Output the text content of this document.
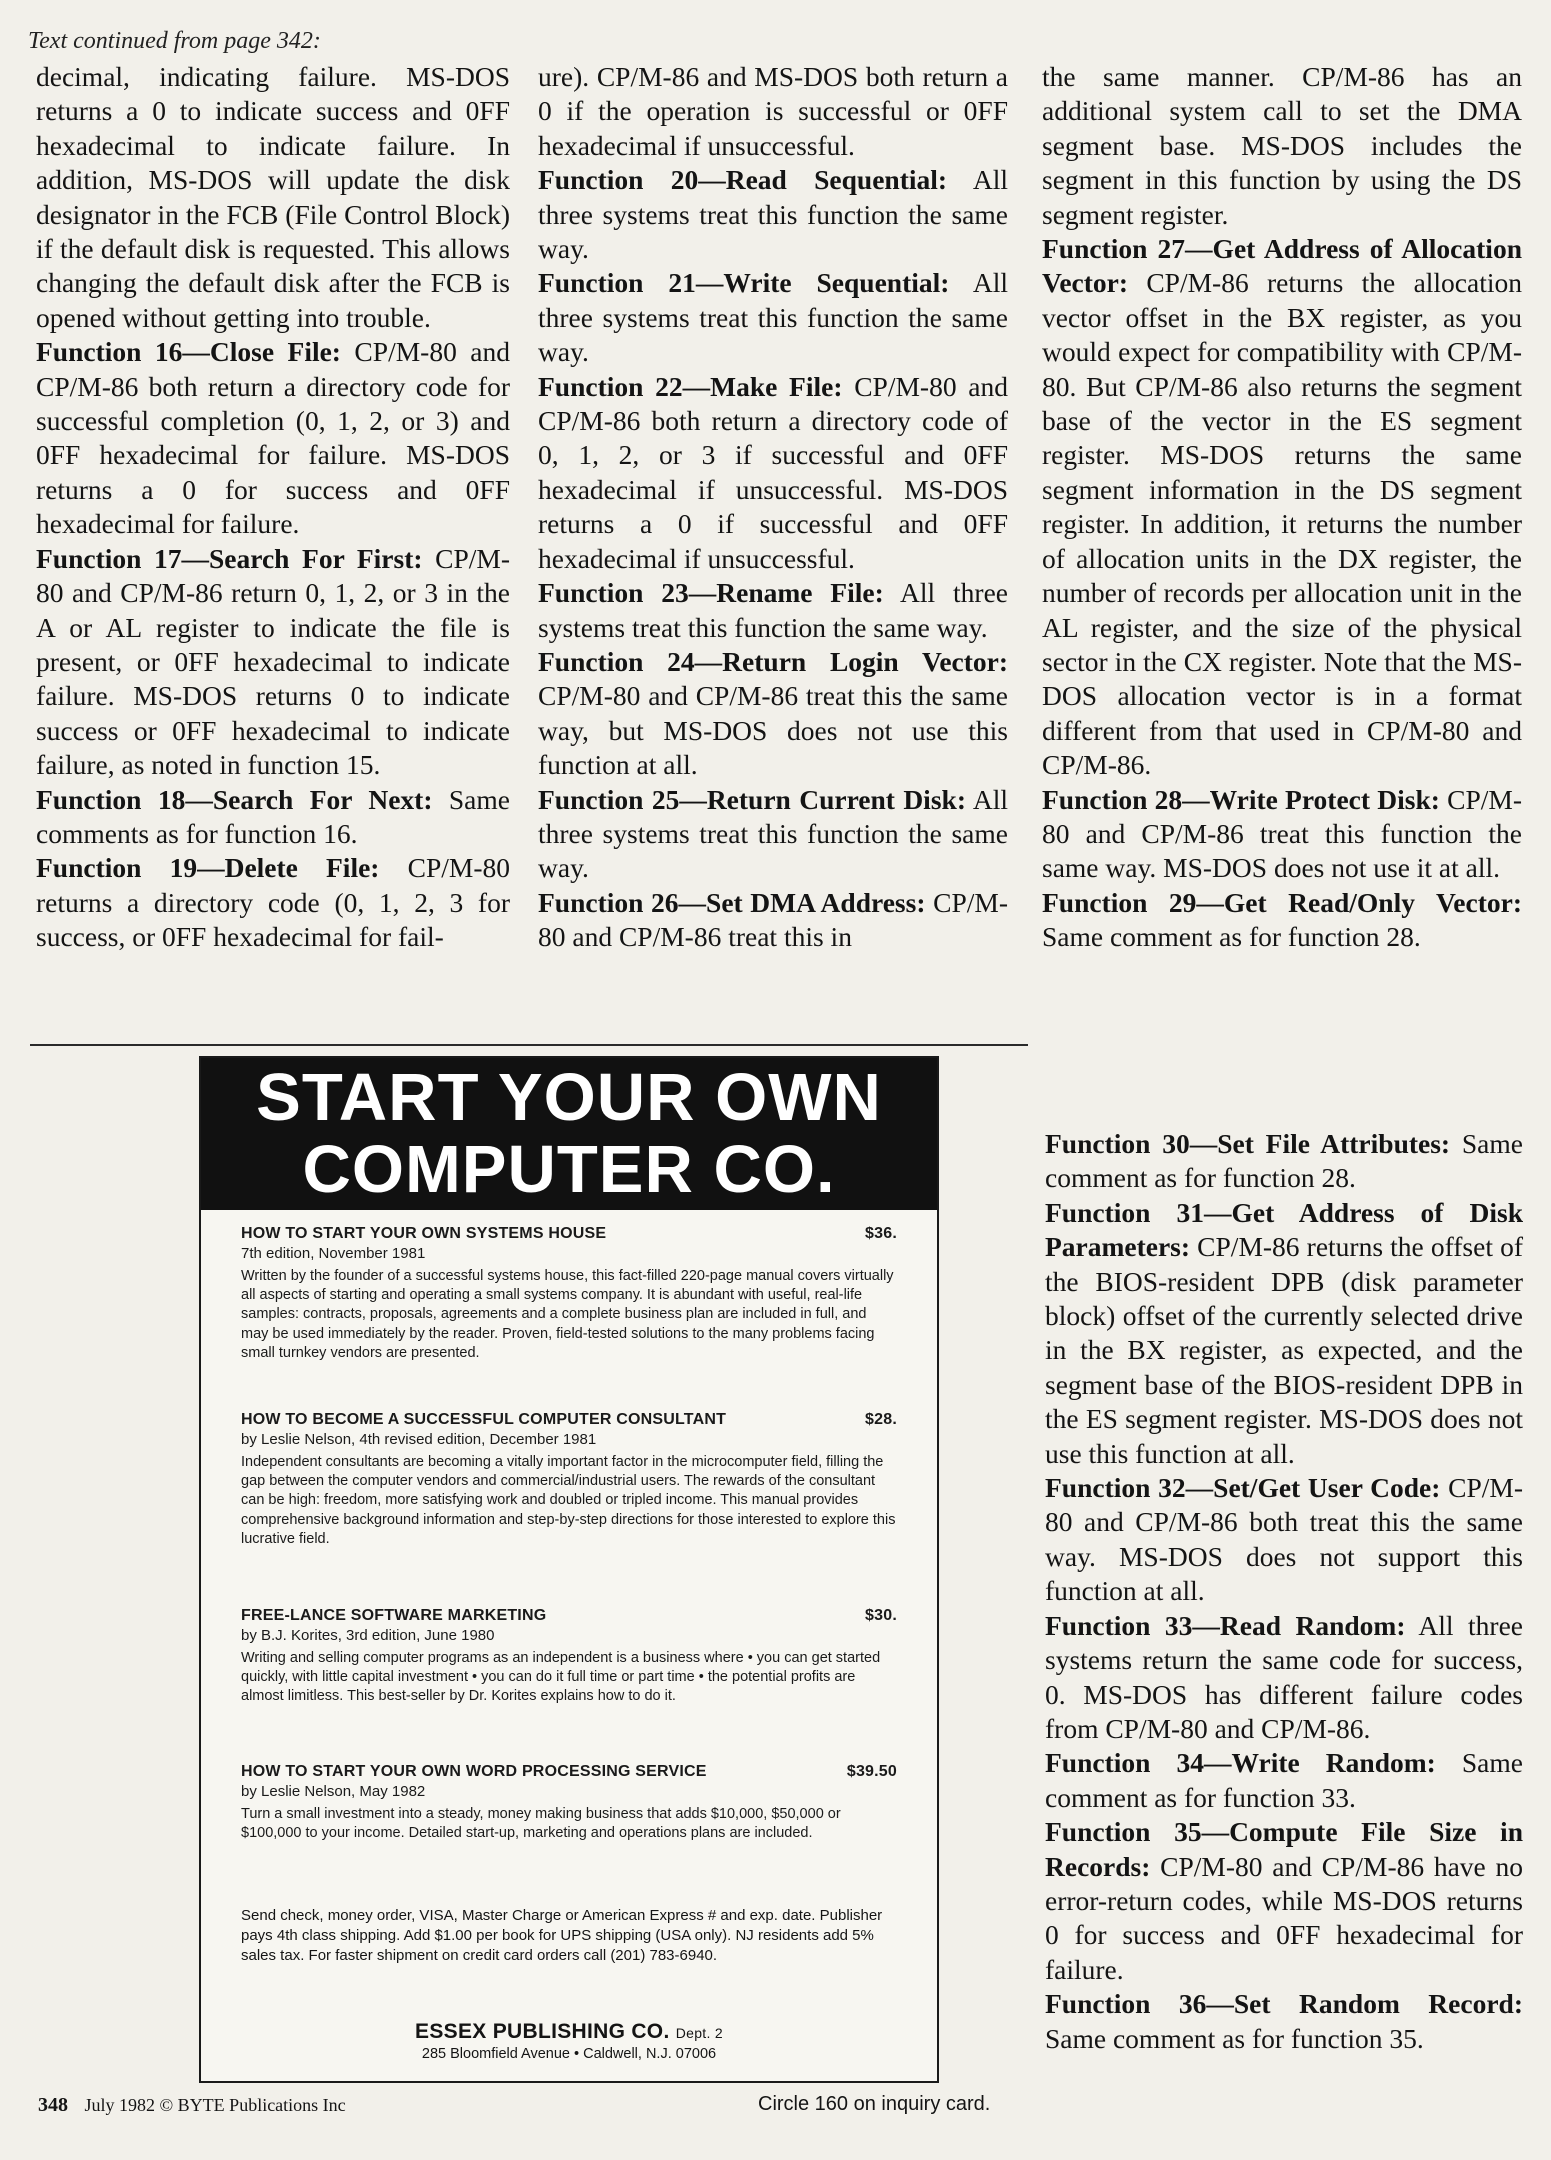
Text continued from page 342:

decimal, indicating failure. MS-DOS returns a 0 to indicate success and 0FF hexadecimal to indicate failure. In addition, MS-DOS will update the disk designator in the FCB (File Control Block) if the default disk is requested. This allows changing the default disk after the FCB is opened without getting into trouble.

Function 16—Close File: CP/M-80 and CP/M-86 both return a directory code for successful completion (0, 1, 2, or 3) and 0FF hexadecimal for failure. MS-DOS returns a 0 for success and 0FF hexadecimal for failure.

Function 17—Search For First: CP/M-80 and CP/M-86 return 0, 1, 2, or 3 in the A or AL register to indicate the file is present, or 0FF hexadecimal to indicate failure. MS-DOS returns 0 to indicate success or 0FF hexadecimal to indicate failure, as noted in function 15.

Function 18—Search For Next: Same comments as for function 16.

Function 19—Delete File: CP/M-80 returns a directory code (0, 1, 2, 3 for success, or 0FF hexadecimal for fail-

ure). CP/M-86 and MS-DOS both return a 0 if the operation is successful or 0FF hexadecimal if unsuccessful.

Function 20—Read Sequential: All three systems treat this function the same way.

Function 21—Write Sequential: All three systems treat this function the same way.

Function 22—Make File: CP/M-80 and CP/M-86 both return a directory code of 0, 1, 2, or 3 if successful and 0FF hexadecimal if unsuccessful. MS-DOS returns a 0 if successful and 0FF hexadecimal if unsuccessful.

Function 23—Rename File: All three systems treat this function the same way.

Function 24—Return Login Vector: CP/M-80 and CP/M-86 treat this the same way, but MS-DOS does not use this function at all.

Function 25—Return Current Disk: All three systems treat this function the same way.

Function 26—Set DMA Address: CP/M-80 and CP/M-86 treat this in

the same manner. CP/M-86 has an additional system call to set the DMA segment base. MS-DOS includes the segment in this function by using the DS segment register.

Function 27—Get Address of Allocation Vector: CP/M-86 returns the allocation vector offset in the BX register, as you would expect for compatibility with CP/M-80. But CP/M-86 also returns the segment base of the vector in the ES segment register. MS-DOS returns the same segment information in the DS segment register. In addition, it returns the number of allocation units in the DX register, the number of records per allocation unit in the AL register, and the size of the physical sector in the CX register. Note that the MS-DOS allocation vector is in a format different from that used in CP/M-80 and CP/M-86.

Function 28—Write Protect Disk: CP/M-80 and CP/M-86 treat this function the same way. MS-DOS does not use it at all.

Function 29—Get Read/Only Vector: Same comment as for function 28.

Function 30—Set File Attributes: Same comment as for function 28.

Function 31—Get Address of Disk Parameters: CP/M-86 returns the offset of the BIOS-resident DPB (disk parameter block) offset of the currently selected drive in the BX register, as expected, and the segment base of the BIOS-resident DPB in the ES segment register. MS-DOS does not use this function at all.

Function 32—Set/Get User Code: CP/M-80 and CP/M-86 both treat this the same way. MS-DOS does not support this function at all.

Function 33—Read Random: All three systems return the same code for success, 0. MS-DOS has different failure codes from CP/M-80 and CP/M-86.

Function 34—Write Random: Same comment as for function 33.

Function 35—Compute File Size in Records: CP/M-80 and CP/M-86 have no error-return codes, while MS-DOS returns 0 for success and 0FF hexadecimal for failure.

Function 36—Set Random Record: Same comment as for function 35.

START YOUR OWN
COMPUTER CO.
HOW TO START YOUR OWN SYSTEMS HOUSE	$36.
7th edition, November 1981
Written by the founder of a successful systems house, this fact-filled 220-page manual covers virtually all aspects of starting and operating a small systems company. It is abundant with useful, real-life samples: contracts, proposals, agreements and a complete business plan are included in full, and may be used immediately by the reader. Proven, field-tested solutions to the many problems facing small turnkey vendors are presented.
HOW TO BECOME A SUCCESSFUL COMPUTER CONSULTANT	$28.
by Leslie Nelson, 4th revised edition, December 1981
Independent consultants are becoming a vitally important factor in the microcomputer field, filling the gap between the computer vendors and commercial/industrial users. The rewards of the consultant can be high: freedom, more satisfying work and doubled or tripled income. This manual provides comprehensive background information and step-by-step directions for those interested to explore this lucrative field.
FREE-LANCE SOFTWARE MARKETING	$30.
by B.J. Korites, 3rd edition, June 1980
Writing and selling computer programs as an independent is a business where • you can get started quickly, with little capital investment • you can do it full time or part time • the potential profits are almost limitless. This best-seller by Dr. Korites explains how to do it.
HOW TO START YOUR OWN WORD PROCESSING SERVICE	$39.50
by Leslie Nelson, May 1982
Turn a small investment into a steady, money making business that adds $10,000, $50,000 or $100,000 to your income. Detailed start-up, marketing and operations plans are included.
Send check, money order, VISA, Master Charge or American Express # and exp. date. Publisher pays 4th class shipping. Add $1.00 per book for UPS shipping (USA only). NJ residents add 5% sales tax. For faster shipment on credit card orders call (201) 783-6940.
ESSEX PUBLISHING CO. Dept. 2
285 Bloomfield Avenue • Caldwell, N.J. 07006
348 July 1982 © BYTE Publications Inc	Circle 160 on inquiry card.
